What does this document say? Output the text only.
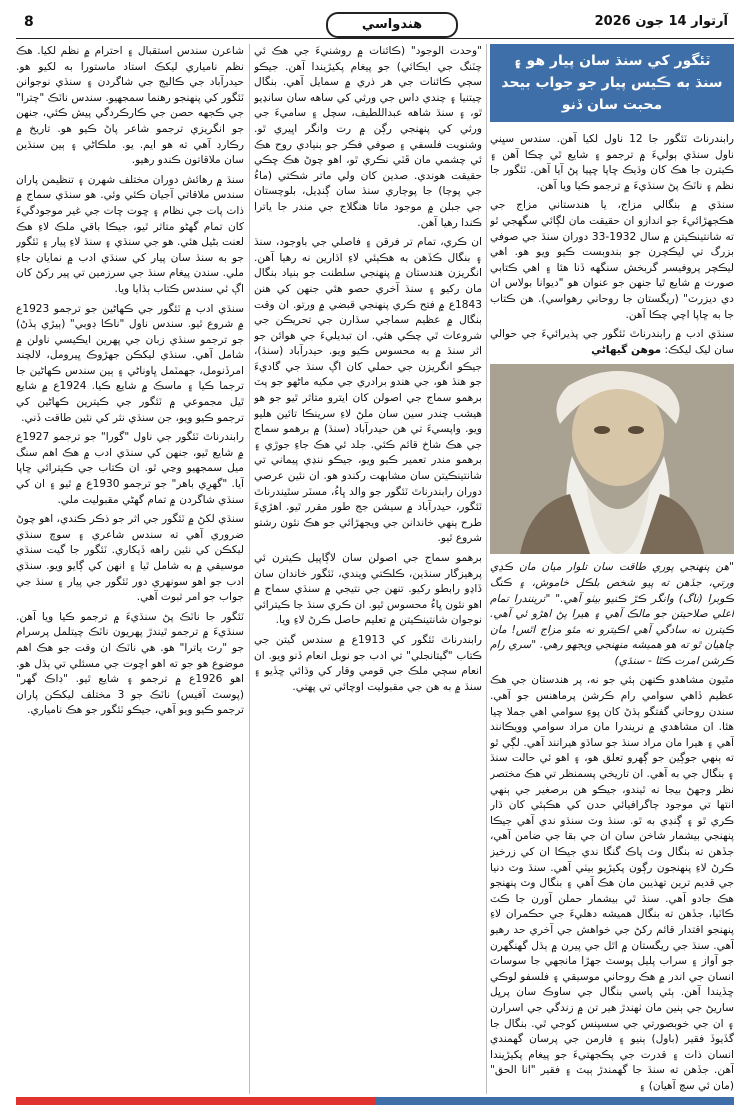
8	هندواسي	آرتوار 14 جون 2026
ٽئگور کي سنڌ سان پيار هو ۽ سنڌ به ڪيس پيار جو جواب بيحد محبت سان ڏنو

رابندرناٿ ٽئگور جا 12 ناول لکيا آهن. سندس سڀني ناول سنڌي ٻوليءَ ۾ ترجمو ۽ شايع ٿي چڪا آهن ۽ ڪيترن جا هڪ کان وڌيڪ ڇاپا ڇپيا پڻ آيا آهن. ٽئگور جا نظم ۽ ناٽڪ پڻ سنڌيءَ ۾ ترجمو ڪيا ويا آهن.

سنڌي ۾ بنگالي مزاج، يا هندستاني مزاج جي هڪجهڙائيءَ جو اندازو ان حقيقت مان لڳائي سگهجي ٿو ته شانتينڪيتن ۾ سال 1932-33 دوران سنڌ جي صوفي بزرگ تي ليڪچرن جو بندوبست ڪيو ويو هو. اهي ليڪچر پروفيسر گربخش سنگهه ڏنا هئا ۽ اهي ڪتابي صورت ۾ شايع ٿيا جنهن جو عنوان هو "ديوانا بولاس ان دي ديزرٽ" (ريگستان جا روحاني رهواسي). هن ڪتاب جا به ڇاپا اچي چڪا آهن.

سنڌي ادب ۾ رابندرناٿ ٽئگور جي پذيرائيءَ جي حوالي سان ليک ليکڪ: موهن گيهاڻي

"هن پنهنجي پوري طاقت سان تلوار ميان مان ڪڍي ورتي، جڏهن ته پيو شخص بلڪل خاموش، ۽ ڪنگ ڪوبرا (ناگ) وانگر ڪڙ ڪنيو بيٺو آهي." "ترينندرا تمام اعلي صلاحيتن جو مالڪ آهي ۽ هيرا پڻ اهڙو ئي آهي. ڪيترن نه سادگي آهي اڪيترو نه مئو مزاج اٿس! مان چاهيان ٿو ته هو هميشه منهنجي ويجهو رهي. "سري رام ڪرشن امرت ڪٿا - سنڌي)

مٿيون مشاهدو ڪنهن ٻئي جو نه، پر هندستان جي هڪ عظيم ڏاهي سوامي رام ڪرشن پرماهنس جو آهي. سندن روحاني گفتگو ٻڌڻ کان پوءِ سوامي اهي جملا چيا هئا. ان مشاهدي ۾ نريندرا مان مراد سوامي وويڪانند آهي ۽ هيرا مان مراد سنڌ جو ساڌو هيرانند آهي. لڳي ٿو ته ٻنهي جوڳين جو ڳهرو تعلق هو، ۽ اهو ئي حالت سنڌ ۽ بنگال جي به آهي. ان تاريخي پسمنظر تي هڪ مختصر نظر وجهڻ بيجا نه ٿيندو، جيڪو هن برصغير جي ٻنهي انتها تي موجود ڄاگرافيائي حدن کي هڪٻئي کان ڌار ڪري ٿو ۽ ڳنڍي به ٿو. سنڌ وٽ سنڌو ندي آهي جيڪا پنهنجي بيشمار شاخن سان ان جي بقا جي ضامن آهي، جڏهن ته بنگال وٽ پاڪ گنگا ندي جيڪا ان کي زرخيز ڪرڻ لاءِ پنهنجون رڳون پکيڙيو بيٺي آهي. سنڌ وٽ دنيا جي قديم ترين تهذيبن مان هڪ آهي ۽ بنگال وٽ پنهنجو هڪ جادو آهي. سنڌ ٿي بيشمار حملن آورن جا ڪٽ ڪاٽيا، جڏهن ته بنگال هميشه دهليءَ جي حڪمران لاءِ پنهنجو اقتدار قائم رکڻ جي خواهش جي آخري حد رهيو آهي. سنڌ جي ريگستان ۾ اٿل جي پيرن ۾ ٻڌل گهنگهرن جو آواز ۽ سراب پليل پوسٽ جهڙا مانجهي جا سوساٽ انسان جي اندر ۾ هڪ روحاني موسيقي ۽ فلسفو لوڪي ڇڏيندا آهن. ٻئي پاسي بنگال جي ساوڪ سان پرڀل ساريڻ جي ٻنين مان ٺهندڙ هير تن ۾ زندگي جي اسرارن ۽ ان جي خوبصورتي جي سسپنس کوجي ٿي. بنگال جا گڏيوڏ فقير (باول) ٻنيو ۽ فارمن جي پرسان گهمندي انسان ذات ۽ قدرت جي پڪجهتيءَ جو پيغام پکيڙيندا آهن. جڏهن ته سنڌ جا گهمندڙ ٻيٽ ۽ فقير "انا الحق" (مان ئي سچ آهيان) ۽

"وحدت الوجود" (ڪائنات ۾ روشنيءَ جي هڪ ئي چٽنگ جي ايڪائي) جو پيغام پکيڙيندا آهن. جيڪو سڄي ڪائنات جي هر ذري ۾ سمايل آهي. بنگال چيتنيا ۽ چندي داس جي ورثي کي ساهه سان سانڍيو ٿو، ۽ سنڌ شاهه عبداللطيف، سچل ۽ ساميءَ جي ورثي کي پنهنجي رڳن ۾ رت وانگر اڀيري ٿو. وشنويت فلسفي ۽ صوفي فڪر جو بنيادي روح هڪ ئي چشمي مان ڦٽي نڪري ٿو، اهو چوڻ هڪ ڇڪي حقيقت هوندي. صدين کان ولي ماتر شڪتي (ماءُ جي پوڄا) جا پوڄاري سنڌ سان ڳنڍيل، بلوچستان جي جبلن ۾ موجود ماتا هنگلاج جي مندر جا ياترا ڪندا رهيا آهن.

ان ڪري، تمام تر فرقن ۽ فاصلي جي باوجود، سنڌ ۽ بنگال ڪڏهن به هڪٻئي لاءِ اڌارين نه رهيا آهن. انگريزن هندستان ۾ پنهنجي سلطنت جو بنياد بنگال مان رکيو ۽ سنڌ آخري حصو هئي جنهن کي هنن 1843ع ۾ فتح ڪري پنهنجي قبضي ۾ ورتو. ان وقت بنگال ۾ عظيم سماجي سڌارن جي تحريڪن جي شروعات ٿي چڪي هئي. ان تبديليءَ جي هوائن جو اثر سنڌ ۾ به محسوس ڪيو ويو. حيدرآباد (سنڌ)، جيڪو انگريزن جي حملي کان اڳ سنڌ جي گاديءَ جو هنڌ هو، جي هندو برادري جي مکيه ماڻهو جو پٽ برهمو سماج جي اصولن کان ايترو متاثر ٿيو جو هو هيشب چندر سين سان ملڻ لاءِ سرينڪا تائين هليو ويو. واپسيءَ تي هن حيدرآباد (سنڌ) ۾ برهمو سماج جي هڪ شاخ قائم ڪئي. جلد ئي هڪ جاءِ جوڙي ۽ برهمو مندر تعمير ڪيو ويو، جيڪو ننڍي پيماني تي شانتينڪيتن سان مشابهت رکندو هو. ان نئين عرصي دوران رابندرناٿ ٽئگور جو والد ڀاءُ، مسٽر سٿيندرناٿ ٽئگور، حيدرآباد ۾ سيشن جج طور مقرر ٿيو. اهڙيءَ طرح ٻنهي خاندانن جي ويجهڙائي جو هڪ نئون رشتو شروع ٿيو.

برهمو سماج جي اصولن سان لاڳاپيل ڪيترن ئي پرهيزگار سنڌين، ڪلڪتي ويندي، ٽئگور خاندان سان ڏاڍو رابطو رکيو. تنهن جي نتيجي ۾ سنڌي سماج ۾ اهو نئون ڀاءُ محسوس ٿيو. ان ڪري سنڌ جا ڪيترائي نوجوان شانتينڪيتن ۾ تعليم حاصل ڪرڻ لاءِ ويا.

رابندرناٿ ٽئگور کي 1913ع ۾ سندس گيتن جي ڪتاب "گيتانجلي" تي ادب جو نوبل انعام ڏنو ويو. ان انعام سڄي ملڪ جي قومي وقار کي وڌائي ڇڏيو ۽ سنڌ ۾ به هن جي مقبوليت اوچائي تي پهتي.

شاعرن سندس استقبال ۽ احترام ۾ نظم لکيا. هڪ نظم نامياري ليکڪ استاد ماستورا به لکيو هو. حيدرآباد جي ڪاليج جي شاگردن ۽ سنڌي نوجوانن ٽئگور کي پنهنجو رهنما سمجهيو. سندس ناٽڪ "چترا" جي ڪجهه حصن جي ڪارڪردگي پيش ڪئي، جنهن جو انگريزي ترجمو شاعر پاڻ ڪيو هو. تاريخ ۾ رڪارڊ آهي ته هو ايم. يو. ملڪاڻي ۽ ٻين سنڌين سان ملاقاتون ڪندو رهيو.

سنڌ ۾ رهائش دوران مختلف شهرن ۽ تنظيمن پاران سندس ملاقاتي آجيان ڪئي وئي. هو سنڌي سماج ۾ ذات پات جي نظام ۽ ڇوت ڇات جي غير موجودگيءَ کان تمام گهڻو متاثر ٿيو، جيڪا باقي ملڪ لاءِ هڪ لعنت بڻيل هئي. هو جي سنڌي ۽ سنڌ لاءِ پيار ۽ ٽئگور جو به سنڌ سان پيار کي سنڌي ادب ۾ نمايان جاءِ ملي. سندن پيغام سنڌ جي سرزمين تي پير رکڻ کان اڳ ئي سندس ڪتاب ٻڌايا ويا.

سنڌي ادب ۾ ٽئگور جي ڪهاڻين جو ترجمو 1923ع ۾ شروع ٿيو. سندس ناول "ناڪا ڊوبي" (ٻيڙي ٻڏڻ) جو ترجمو سنڌي زبان جي پهرين ايڪيسي ناولن ۾ شامل آهي. سنڌي ليکڪن جهڙوڪ ڀيرومل، لالچند امرڏنومل، جهمٽمل ڀاوناڻي ۽ ٻين سندس ڪهاڻين جا ترجما ڪيا ۽ ماسڪ ۾ شايع ڪيا. 1924ع ۾ شايع ٿيل مجموعي ۾ ٽئگور جي ڪيترين ڪهاڻين کي ترجمو ڪيو ويو، جن سنڌي نثر کي نئين طاقت ڏني.

رابندرناٿ ٽئگور جي ناول "گورا" جو ترجمو 1927ع ۾ شايع ٿيو، جنهن کي سنڌي ادب ۾ هڪ اهم سنگ ميل سمجهيو وڃي ٿو. ان ڪتاب جي ڪيترائي ڇاپا آيا. "گهرِي باهر" جو ترجمو 1930ع ۾ ٿيو ۽ ان کي سنڌي شاگردن ۾ تمام گهڻي مقبوليت ملي.

سنڌي لکڻ ۾ ٽئگور جي اثر جو ذڪر ڪندي، اهو چوڻ ضروري آهي ته سندس شاعري ۽ سوچ سنڌي ليکڪن کي نئين راهه ڏيکاري. ٽئگور جا گيت سنڌي موسيقي ۾ به شامل ٿيا ۽ انهن کي ڳايو ويو. سنڌي ادب جو اهو سونهري دور ٽئگور جي پيار ۽ سنڌ جي جواب جو امر ثبوت آهي.

ٽئگور جا ناٽڪ پڻ سنڌيءَ ۾ ترجمو ڪيا ويا آهن. سنڌيءَ ۾ ترجمو ٿيندڙ پهريون ناٽڪ چيتلمل پرسرام جو "رٽ ياترا" هو. هي ناٽڪ ان وقت جو هڪ اهم موضوع هو جو ته اهو اڇوت جي مسئلي تي ٻڌل هو. اهو 1926ع ۾ ترجمو ۽ شايع ٿيو. "ڊاڪ گهر" (پوسٽ آفيس) ناٽڪ جو 3 مختلف ليکڪن پاران ترجمو ڪيو ويو آهي، جيڪو ٽئگور جو هڪ نامياري.
